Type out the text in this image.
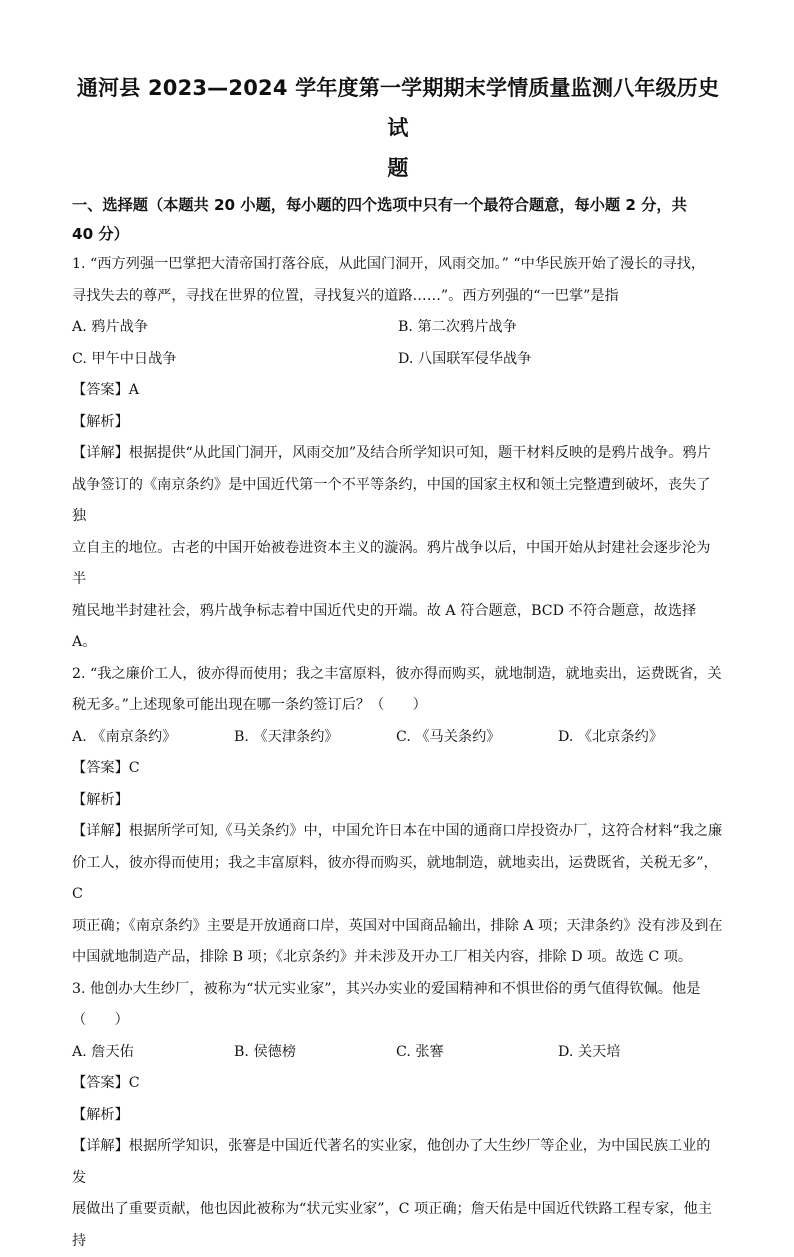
通河县 2023—2024 学年度第一学期期末学情质量监测八年级历史试
题
一、选择题（本题共 20 小题，每小题的四个选项中只有一个最符合题意，每小题 2 分，共
40 分）

1. “西方列强一巴掌把大清帝国打落谷底，从此国门洞开，风雨交加。” “中华民族开始了漫长的寻找，

寻找失去的尊严，寻找在世界的位置，寻找复兴的道路……”。西方列强的“一巴掌”是指

A. 鸦片战争	B. 第二次鸦片战争
C. 甲午中日战争	D. 八国联军侵华战争

【答案】A

【解析】

【详解】根据提供“从此国门洞开，风雨交加”及结合所学知识可知，题干材料反映的是鸦片战争。鸦片

战争签订的《南京条约》是中国近代第一个不平等条约，中国的国家主权和领土完整遭到破坏，丧失了独

立自主的地位。古老的中国开始被卷进资本主义的漩涡。鸦片战争以后，中国开始从封建社会逐步沦为半

殖民地半封建社会，鸦片战争标志着中国近代史的开端。故 A 符合题意，BCD 不符合题意，故选择 A。

2. “我之廉价工人，彼亦得而使用；我之丰富原料，彼亦得而购买，就地制造，就地卖出，运费既省，关

税无多。”上述现象可能出现在哪一条约签订后？（　　）

A. 《南京条约》	B. 《天津条约》	C. 《马关条约》	D. 《北京条约》

【答案】C

【解析】

【详解】根据所学可知,《马关条约》中，中国允许日本在中国的通商口岸投资办厂，这符合材料“我之廉

价工人，彼亦得而使用；我之丰富原料，彼亦得而购买，就地制造，就地卖出，运费既省，关税无多”，C

项正确；《南京条约》主要是开放通商口岸，英国对中国商品输出，排除 A 项；天津条约》没有涉及到在

中国就地制造产品，排除 B 项；《北京条约》并未涉及开办工厂相关内容，排除 D 项。故选 C 项。

3. 他创办大生纱厂，被称为“状元实业家”，其兴办实业的爱国精神和不惧世俗的勇气值得钦佩。他是

（　　）

A. 詹天佑	B. 侯德榜	C. 张謇	D. 关天培

【答案】C

【解析】

【详解】根据所学知识，张謇是中国近代著名的实业家，他创办了大生纱厂等企业，为中国民族工业的发

展做出了重要贡献，他也因此被称为“状元实业家”，C 项正确；詹天佑是中国近代铁路工程专家，他主持
